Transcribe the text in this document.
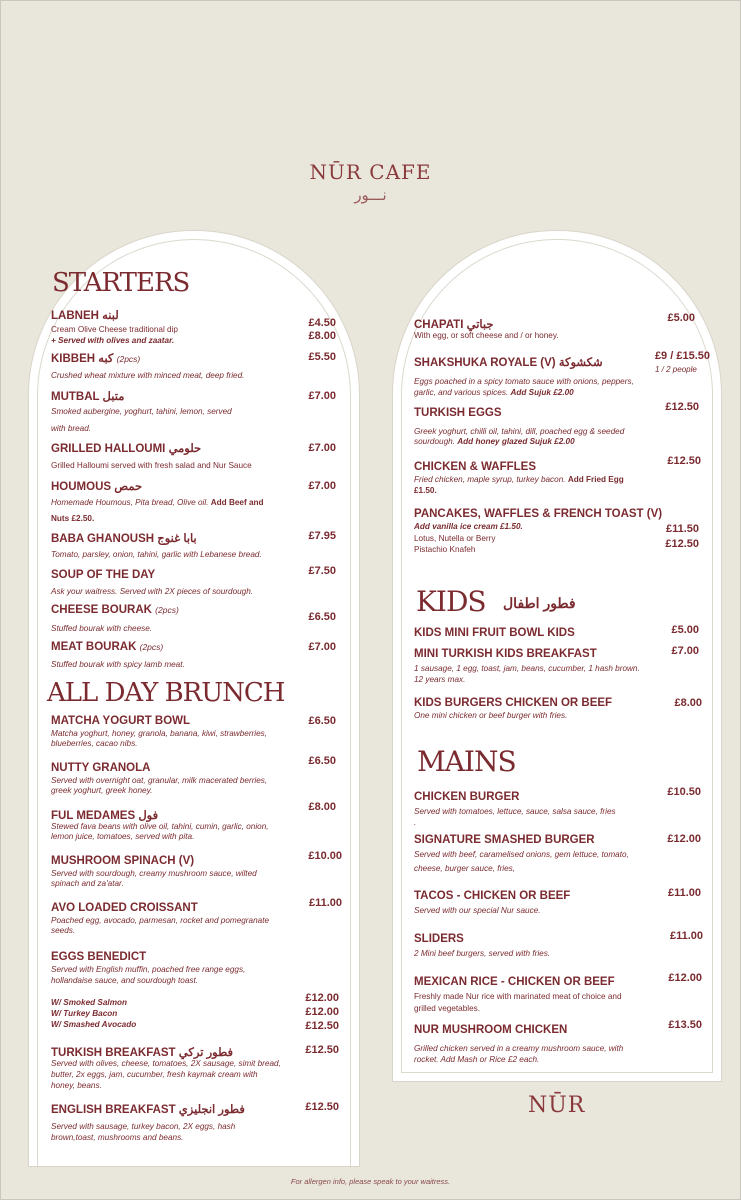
NŪR CAFE
نـــور
STARTERS
LABNEH لبنه
Cream Olive Cheese traditional dip
+ Served with olives and zaatar.
£4.50
£8.00
KIBBEH كبه (2pcs)
Crushed wheat mixture with minced meat, deep fried.
£5.50
MUTBAL متبل
Smoked aubergine, yoghurt, tahini, lemon, served
with bread.
£7.00
GRILLED HALLOUMI حلومي
Grilled Halloumi served with fresh salad and Nur Sauce
£7.00
HOUMOUS حمص
Homemade Houmous, Pita bread, Olive oil. Add Beef and
Nuts £2.50.
£7.00
BABA GHANOUSH بابا غنوج
Tomato, parsley, onion, tahini, garlic with Lebanese bread.
£7.95
SOUP OF THE DAY
Ask your waitress. Served with 2X pieces of sourdough.
£7.50
CHEESE BOURAK (2pcs)
Stuffed bourak with cheese.
£6.50
MEAT BOURAK (2pcs)
Stuffed bourak with spicy lamb meat.
£7.00
ALL DAY BRUNCH
MATCHA YOGURT BOWL
Matcha yoghurt, honey, granola, banana, kiwi, strawberries,
blueberries, cacao nibs.
£6.50
NUTTY GRANOLA
Served with overnight oat, granular, milk macerated berries,
greek yoghurt, greek honey.
£6.50
FUL MEDAMES فول
Stewed fava beans with olive oil, tahini, cumin, garlic, onion,
lemon juice, tomatoes, served with pita.
£8.00
MUSHROOM SPINACH (V)
Served with sourdough, creamy mushroom sauce, wilted
spinach and za'atar.
£10.00
AVO LOADED CROISSANT
Poached egg, avocado, parmesan, rocket and pomegranate
seeds.
£11.00
EGGS BENEDICT
Served with English muffin, poached free range eggs,
hollandaise sauce, and sourdough toast.
W/ Smoked Salmon
W/ Turkey Bacon
W/ Smashed Avocado
£12.00
£12.00
£12.50
TURKISH BREAKFAST فطور تركي
Served with olives, cheese, tomatoes, 2X sausage, simit bread,
butter, 2x eggs, jam, cucumber, fresh kaymak cream with
honey, beans.
£12.50
ENGLISH BREAKFAST فطور انجليزي
Served with sausage, turkey bacon, 2X eggs, hash
brown,toast, mushrooms and beans.
£12.50
CHAPATI جباتي
With egg, or soft cheese and / or honey.
£5.00
SHAKSHUKA ROYALE (V) شكشوكة
£9 / £15.50
1 / 2 people
Eggs poached in a spicy tomato sauce with onions, peppers,
garlic, and various spices. Add Sujuk £2.00
TURKISH EGGS
Greek yoghurt, chilli oil, tahini, dill, poached egg & seeded
sourdough. Add honey glazed Sujuk £2.00
£12.50
CHICKEN & WAFFLES
Fried chicken, maple syrup, turkey bacon. Add Fried Egg
£1.50.
£12.50
PANCAKES, WAFFLES & FRENCH TOAST (V)
Add vanilla ice cream £1.50.
Lotus, Nutella or Berry
Pistachio Knafeh
£11.50
£12.50
KIDS فطور اطفال
KIDS MINI FRUIT BOWL KIDS	£5.00
MINI TURKISH KIDS BREAKFAST
1 sausage, 1 egg, toast, jam, beans, cucumber, 1 hash brown.
12 years max.
£7.00
KIDS BURGERS CHICKEN OR BEEF
One mini chicken or beef burger with fries.
£8.00
MAINS
CHICKEN BURGER
Served with tomatoes, lettuce, sauce, salsa sauce, fries
.
£10.50
SIGNATURE SMASHED BURGER
Served with beef, caramelised onions, gem lettuce, tomato,
cheese, burger sauce, fries,
£12.00
TACOS - CHICKEN OR BEEF
Served with our special Nur sauce.
£11.00
SLIDERS
2 Mini beef burgers, served with fries.
£11.00
MEXICAN RICE - CHICKEN OR BEEF
Freshly made Nur rice with marinated meat of choice and
grilled vegetables.
£12.00
NUR MUSHROOM CHICKEN
Grilled chicken served in a creamy mushroom sauce, with
rocket. Add Mash or Rice £2 each.
£13.50
NŪR
For allergen info, please speak to your waitress.
